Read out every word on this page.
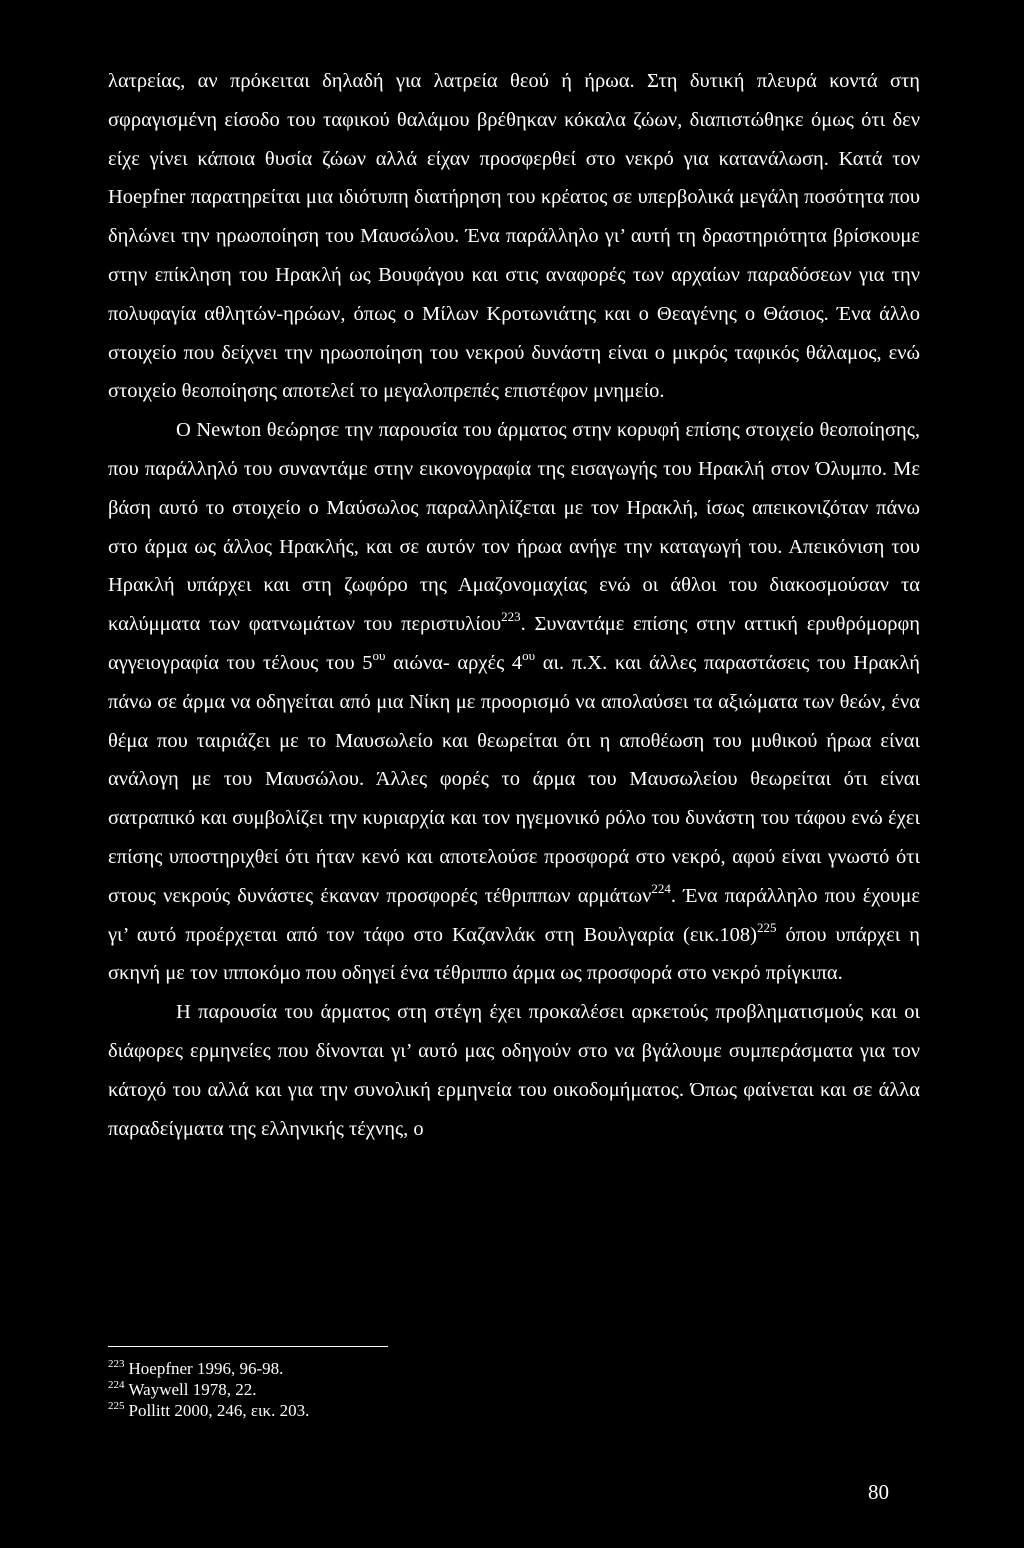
λατρείας, αν πρόκειται δηλαδή για λατρεία θεού ή ήρωα. Στη δυτική πλευρά κοντά στη σφραγισμένη είσοδο του ταφικού θαλάμου βρέθηκαν κόκαλα ζώων, διαπιστώθηκε όμως ότι δεν είχε γίνει κάποια θυσία ζώων αλλά είχαν προσφερθεί στο νεκρό για κατανάλωση. Κατά τον Hoepfner παρατηρείται μια ιδιότυπη διατήρηση του κρέατος σε υπερβολικά μεγάλη ποσότητα που δηλώνει την ηρωοποίηση του Μαυσώλου. Ένα παράλληλο γι’ αυτή τη δραστηριότητα βρίσκουμε στην επίκληση του Ηρακλή ως Βουφάγου και στις αναφορές των αρχαίων παραδόσεων για την πολυφαγία αθλητών-ηρώων, όπως ο Μίλων Κροτωνιάτης και ο Θεαγένης ο Θάσιος. Ένα άλλο στοιχείο που δείχνει την ηρωοποίηση του νεκρού δυνάστη είναι ο μικρός ταφικός θάλαμος, ενώ στοιχείο θεοποίησης αποτελεί το μεγαλοπρεπές επιστέφον μνημείο.

Ο Newton θεώρησε την παρουσία του άρματος στην κορυφή επίσης στοιχείο θεοποίησης, που παράλληλό του συναντάμε στην εικονογραφία της εισαγωγής του Ηρακλή στον Όλυμπο. Με βάση αυτό το στοιχείο ο Μαύσωλος παραλληλίζεται με τον Ηρακλή, ίσως απεικονιζόταν πάνω στο άρμα ως άλλος Ηρακλής, και σε αυτόν τον ήρωα ανήγε την καταγωγή του. Απεικόνιση του Ηρακλή υπάρχει και στη ζωφόρο της Αμαζονομαχίας ενώ οι άθλοι του διακοσμούσαν τα καλύμματα των φατνωμάτων του περιστυλίου$^{223}$. Συναντάμε επίσης στην αττική ερυθρόμορφη αγγειογραφία του τέλους του $5^{o\upsilon}$ αιώνα- αρχές $4^{o\upsilon}$ αι. π.Χ. και άλλες παραστάσεις του Ηρακλή πάνω σε άρμα να οδηγείται από μια Νίκη με προορισμό να απολαύσει τα αξιώματα των θεών, ένα θέμα που ταιριάζει με το Μαυσωλείο και θεωρείται ότι η αποθέωση του μυθικού ήρωα είναι ανάλογη με του Μαυσώλου. Άλλες φορές το άρμα του Μαυσωλείου θεωρείται ότι είναι σατραπικό και συμβολίζει την κυριαρχία και τον ηγεμονικό ρόλο του δυνάστη του τάφου ενώ έχει επίσης υποστηριχθεί ότι ήταν κενό και αποτελούσε προσφορά στο νεκρό, αφού είναι γνωστό ότι στους νεκρούς δυνάστες έκαναν προσφορές τέθριππων αρμάτων$^{224}$. Ένα παράλληλο που έχουμε γι’ αυτό προέρχεται από τον τάφο στο Καζανλάκ στη Βουλγαρία $(\varepsilon\iota\kappa.108)^{225}$ όπου υπάρχει η σκηνή με τον ιπποκόμο που οδηγεί ένα τέθριππο άρμα ως προσφορά στο νεκρό πρίγκιπα.

Η παρουσία του άρματος στη στέγη έχει προκαλέσει αρκετούς προβληματισμούς και οι διάφορες ερμηνείες που δίνονται γι’ αυτό μας οδηγούν στο να βγάλουμε συμπεράσματα για τον κάτοχό του αλλά και για την συνολική ερμηνεία του οικοδομήματος. Όπως φαίνεται και σε άλλα παραδείγματα της ελληνικής τέχνης, ο

$^{223}$ Hoepfner 1996, 96-98.

$^{224}$ Waywell 1978, 22.

$^{225}$ Pollitt 2000, 246, εικ. 203.

80
